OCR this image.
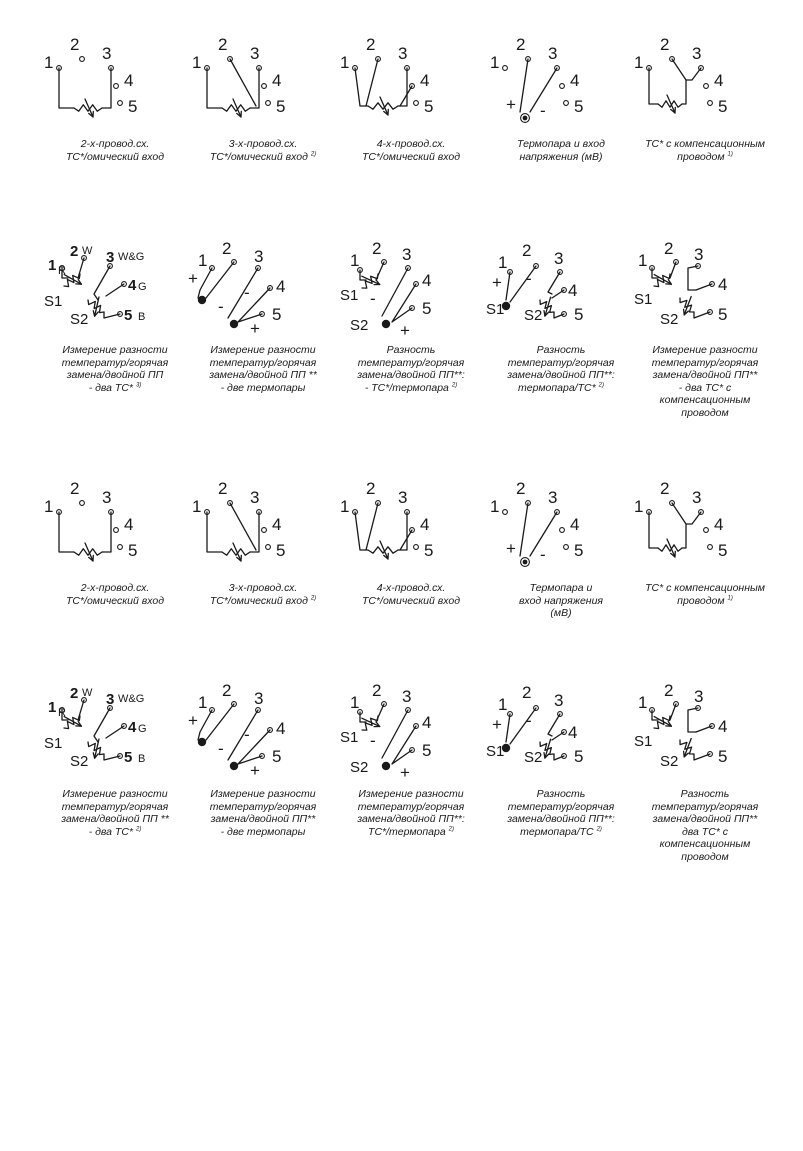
1
2 3
4
5
2-х-провод.сх.
ТС*/омический вход
1
2 3
4
5
3-х-провод.сх.
ТС*/омический вход $^{2)}$
1
2 3
4
5
4-х-провод.сх.
ТС*/омический вход
1
2 3
4
5
+ -
Термопара и вход
напряжения (мВ)
1
2 3
4
5
ТС* с компенсационным
проводом $^{1)}$
1 R
2 W 3 W&G
4 G
5 B
S1
S2
Измерение разности
температур/горячая
замена/двойной ПП
- два ТС* $^{3)}$
1
2 3
4
5
+
-
+
-
Измерение разности
температур/горячая
замена/двойной ПП **
- две термопары
1
2 3
4
5
S1
S2
-
+
Разность
температур/горячая
замена/двойной ПП**:
- ТС*/термопара $^{2)}$
1
2 3
4
5
+ -
S1 S2
Разность
температур/горячая
замена/двойной ПП**:
термопара/ТС* $^{2)}$
1
2 3
4
5
S1
S2
Измерение разности
температур/горячая
замена/двойной ПП**
- два ТС* с
компенсационным
проводом
1
2 3
4
5
2-х-провод.сх.
ТС*/омический вход
1
2 3
4
5
3-х-провод.сх.
ТС*/омический вход $^{2)}$
1
2 3
4
5
4-х-провод.сх.
ТС*/омический вход
1
2 3
4
5
+ -
Термопара и
вход напряжения
(мВ)
1
2 3
4
5
ТС* с компенсационным
проводом $^{1)}$
1 R
2 W 3 W&G
4 G
5 B
S1
S2
Измерение разности
температур/горячая
замена/двойной ПП **
- два ТС* $^{2)}$
1
2 3
4
5
+
-
+
-
Измерение разности
температур/горячая
замена/двойной ПП**
- две термопары
1
2 3
4
5
S1
S2
-
+
Измерение разности
температур/горячая
замена/двойной ПП**:
ТС*/термопара $^{2)}$
1
2 3
4
5
+ -
S1 S2
Разность
температур/горячая
замена/двойной ПП**:
термопара/ТС $^{2)}$
1
2 3
4
5
S1
S2
Разность
температур/горячая
замена/двойной ПП**
два ТС* с
компенсационным
проводом
